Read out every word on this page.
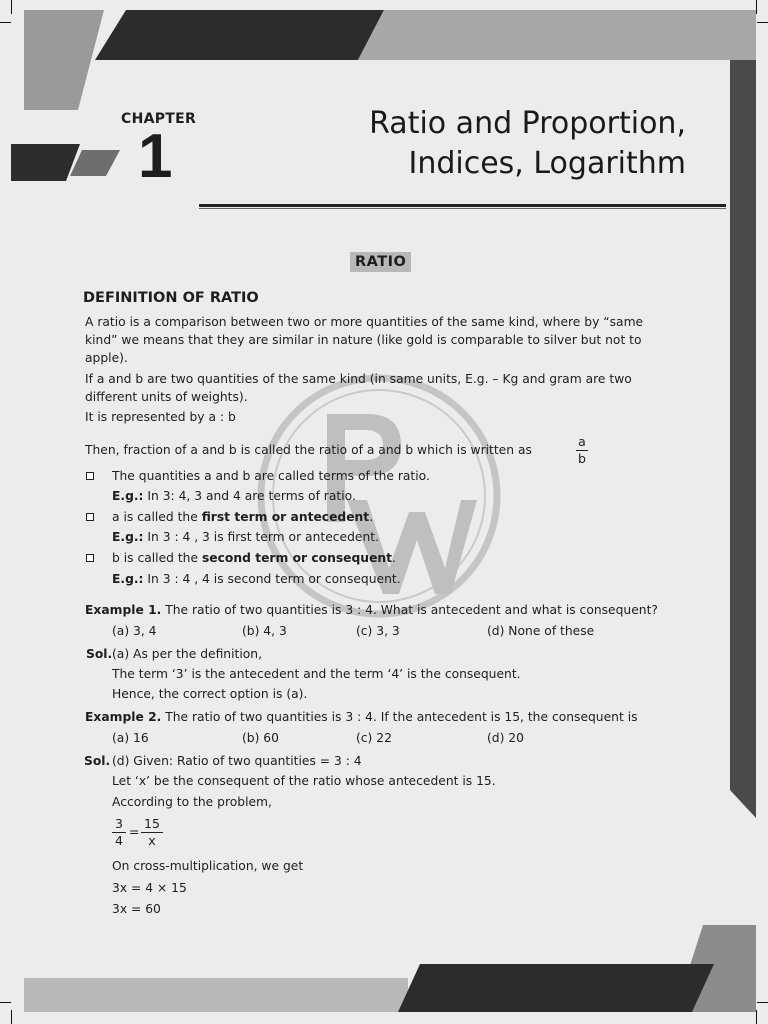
CHAPTER
1	Ratio and Proportion,
Indices, Logarithm
RATIO
DEFINITION OF RATIO
A ratio is a comparison between two or more quantities of the same kind, where by “same
kind” we means that they are similar in nature (like gold is comparable to silver but not to
apple).
If a and b are two quantities of the same kind (in same units, E.g. – Kg and gram are two
different units of weights).
It is represented by a : b
Then, fraction of a and b is called the ratio of a and b which is written as
a
b
The quantities a and b are called terms of the ratio.
E.g.: In 3: 4, 3 and 4 are terms of ratio.
a is called the first term or antecedent.
E.g.: In 3 : 4 , 3 is first term or antecedent.
b is called the second term or consequent.
E.g.: In 3 : 4 , 4 is second term or consequent.
Example 1. The ratio of two quantities is 3 : 4. What is antecedent and what is consequent?
(a) 3, 4	(b) 4, 3	(c) 3, 3	(d) None of these
Sol. (a) As per the definition,
The term ‘3’ is the antecedent and the term ‘4’ is the consequent.
Hence, the correct option is (a).
Example 2. The ratio of two quantities is 3 : 4. If the antecedent is 15, the consequent is
(a) 16	(b) 60	(c) 22	(d) 20
Sol. (d) Given: Ratio of two quantities = 3 : 4
Let ‘x’ be the consequent of the ratio whose antecedent is 15.
According to the problem,
3
4
=
15
x
On cross-multiplication, we get
3x = 4 × 15
3x = 60
